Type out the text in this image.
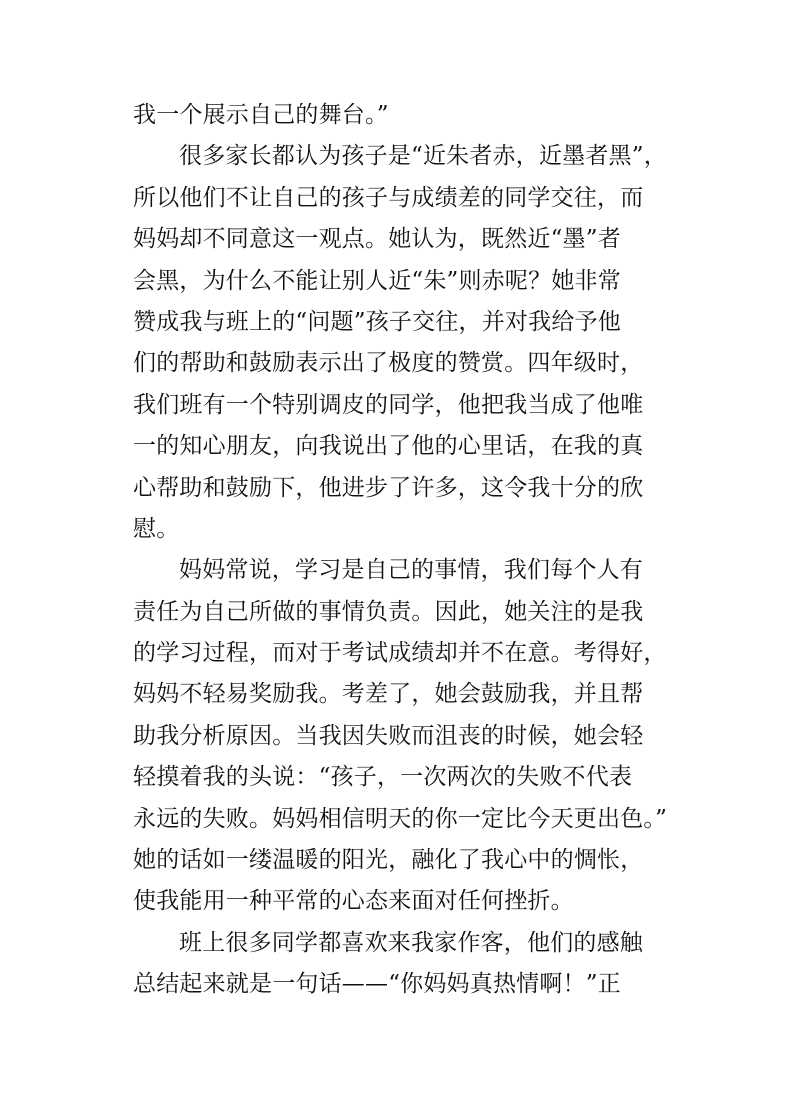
我一个展示自己的舞台。”
很多家长都认为孩子是“近朱者赤，近墨者黑”，
所以他们不让自己的孩子与成绩差的同学交往，而
妈妈却不同意这一观点。她认为，既然近“墨”者
会黑，为什么不能让别人近“朱”则赤呢？她非常
赞成我与班上的“问题”孩子交往，并对我给予他
们的帮助和鼓励表示出了极度的赞赏。四年级时，
我们班有一个特别调皮的同学，他把我当成了他唯
一的知心朋友，向我说出了他的心里话，在我的真
心帮助和鼓励下，他进步了许多，这令我十分的欣
慰。
妈妈常说，学习是自己的事情，我们每个人有
责任为自己所做的事情负责。因此，她关注的是我
的学习过程，而对于考试成绩却并不在意。考得好，
妈妈不轻易奖励我。考差了，她会鼓励我，并且帮
助我分析原因。当我因失败而沮丧的时候，她会轻
轻摸着我的头说：“孩子，一次两次的失败不代表
永远的失败。妈妈相信明天的你一定比今天更出色。”
她的话如一缕温暖的阳光，融化了我心中的惆怅，
使我能用一种平常的心态来面对任何挫折。
班上很多同学都喜欢来我家作客，他们的感触
总结起来就是一句话——“你妈妈真热情啊！”正
